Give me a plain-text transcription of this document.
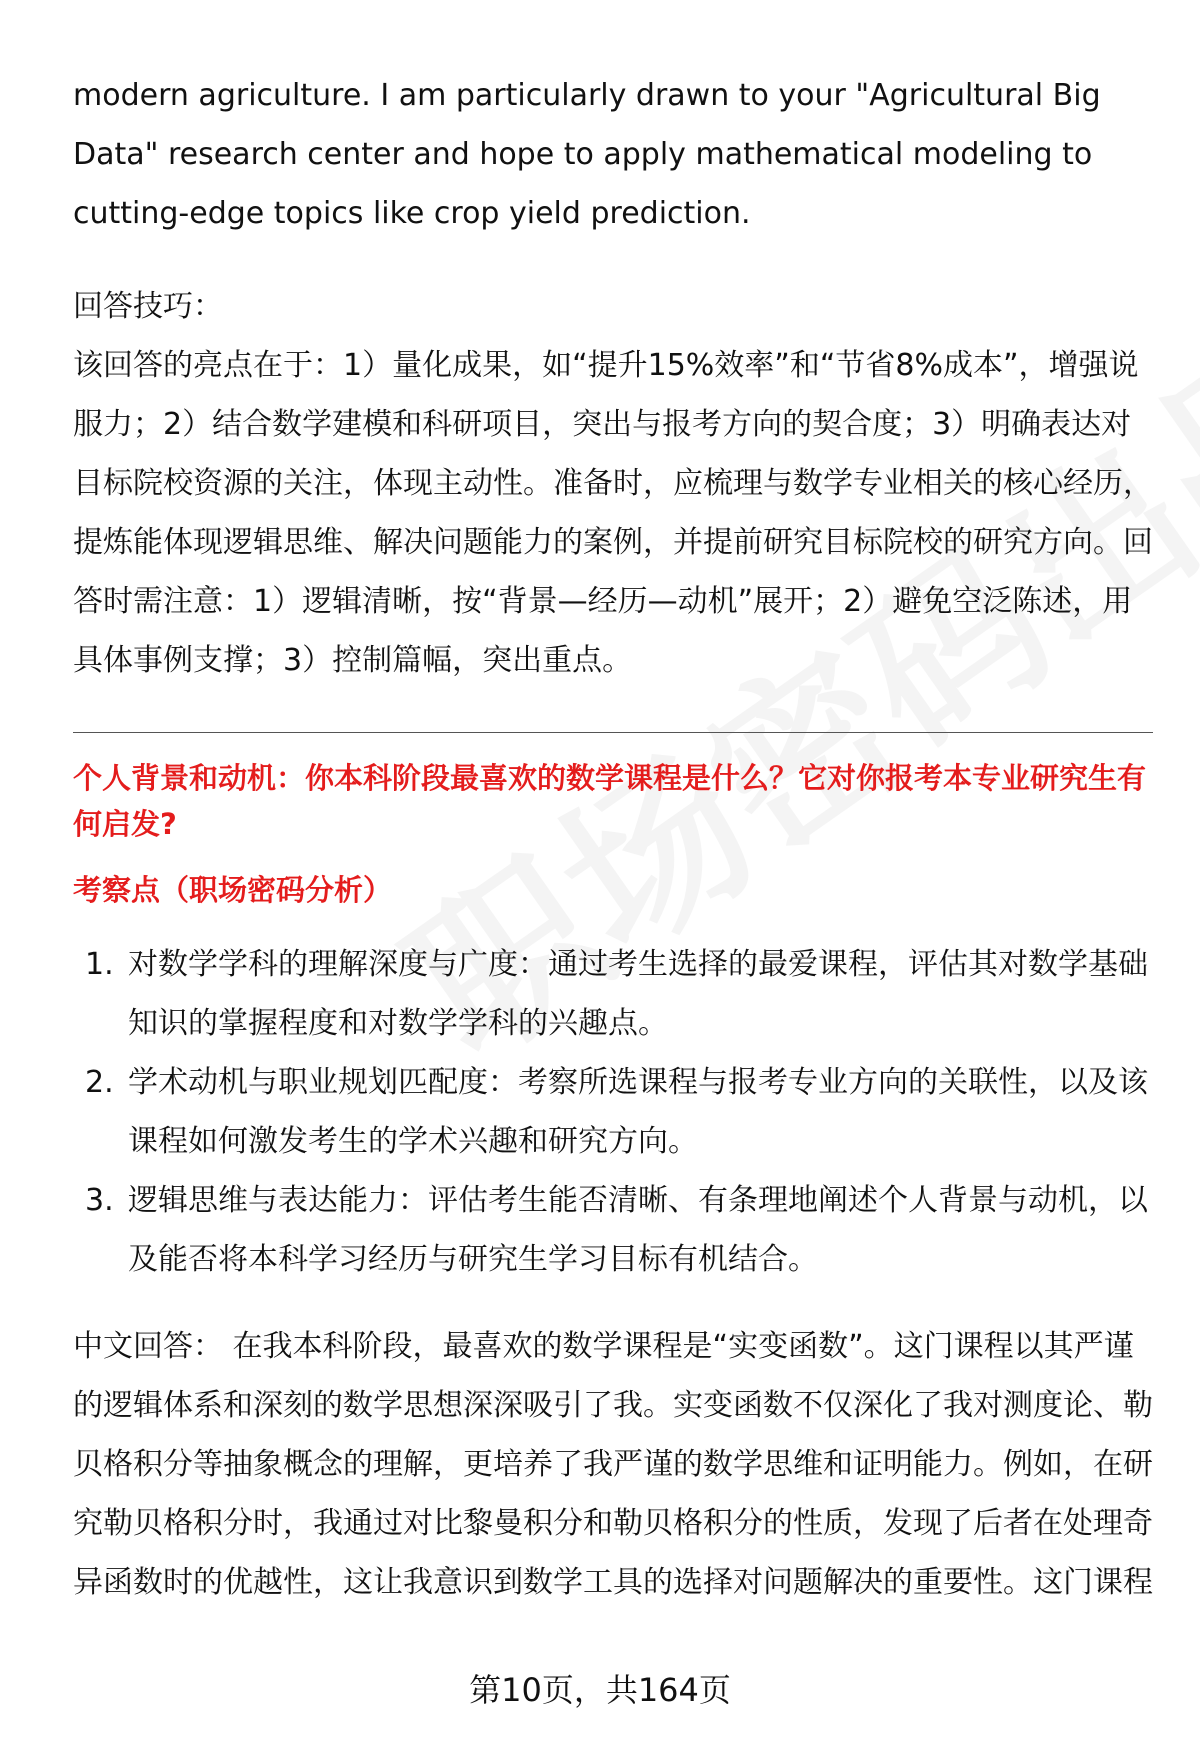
modern agriculture. I am particularly drawn to your "Agricultural Big Data" research center and hope to apply mathematical modeling to cutting-edge topics like crop yield prediction.

回答技巧：

该回答的亮点在于：1）量化成果，如“提升15%效率”和“节省8%成本”，增强说服力；2）结合数学建模和科研项目，突出与报考方向的契合度；3）明确表达对目标院校资源的关注，体现主动性。准备时，应梳理与数学专业相关的核心经历，提炼能体现逻辑思维、解决问题能力的案例，并提前研究目标院校的研究方向。回答时需注意：1）逻辑清晰，按“背景—经历—动机”展开；2）避免空泛陈述，用具体事例支撑；3）控制篇幅，突出重点。

个人背景和动机：你本科阶段最喜欢的数学课程是什么？它对你报考本专业研究生有何启发?

考察点（职场密码分析）

1. 对数学学科的理解深度与广度：通过考生选择的最爱课程，评估其对数学基础知识的掌握程度和对数学学科的兴趣点。
2. 学术动机与职业规划匹配度：考察所选课程与报考专业方向的关联性，以及该课程如何激发考生的学术兴趣和研究方向。
3. 逻辑思维与表达能力：评估考生能否清晰、有条理地阐述个人背景与动机，以及能否将本科学习经历与研究生学习目标有机结合。

中文回答： 在我本科阶段，最喜欢的数学课程是“实变函数”。这门课程以其严谨的逻辑体系和深刻的数学思想深深吸引了我。实变函数不仅深化了我对测度论、勒贝格积分等抽象概念的理解，更培养了我严谨的数学思维和证明能力。例如，在研究勒贝格积分时，我通过对比黎曼积分和勒贝格积分的性质，发现了后者在处理奇异函数时的优越性，这让我意识到数学工具的选择对问题解决的重要性。这门课程

第10页，共164页
